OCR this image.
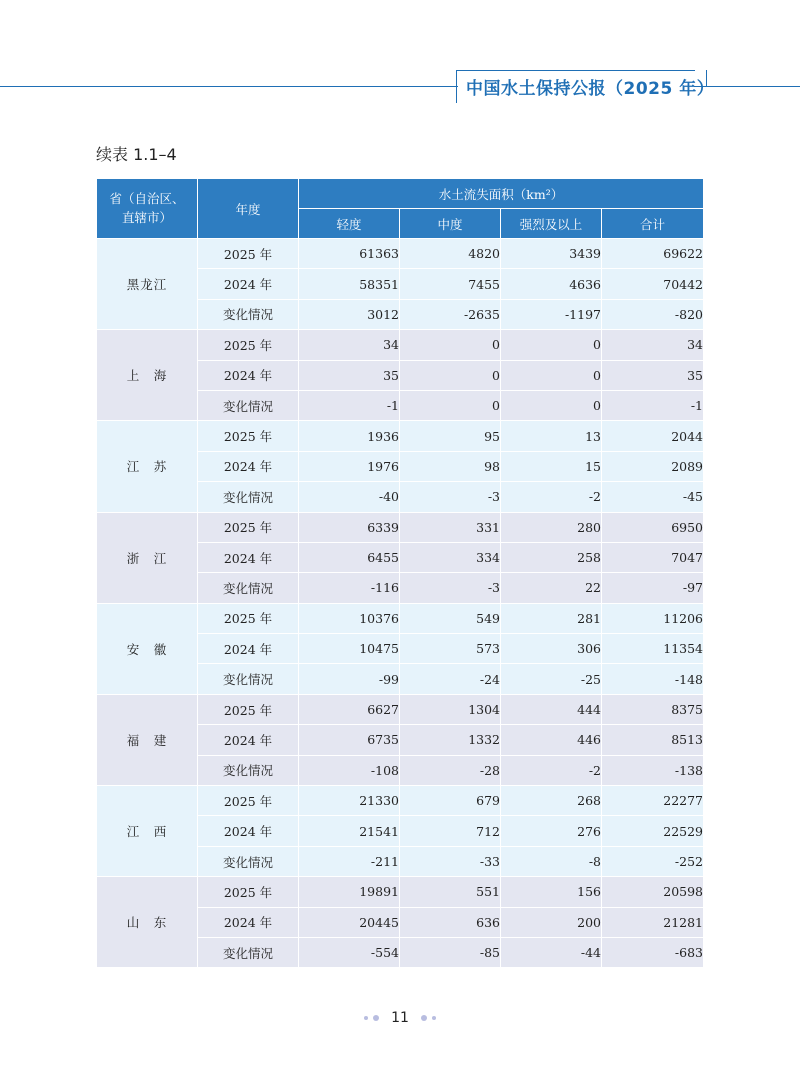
中国水土保持公报（2025 年）
续表 1.1–4
省（自治区、直辖市）	年度	水土流失面积（km²）			
		轻度	中度	强烈及以上	合计
黑龙江	2025 年	61363	4820	3439	69622
	2024 年	58351	7455	4636	70442
	变化情况	3012	-2635	-1197	-820
上　海	2025 年	34	0	0	34
	2024 年	35	0	0	35
	变化情况	-1	0	0	-1
江　苏	2025 年	1936	95	13	2044
	2024 年	1976	98	15	2089
	变化情况	-40	-3	-2	-45
浙　江	2025 年	6339	331	280	6950
	2024 年	6455	334	258	7047
	变化情况	-116	-3	22	-97
安　徽	2025 年	10376	549	281	11206
	2024 年	10475	573	306	11354
	变化情况	-99	-24	-25	-148
福　建	2025 年	6627	1304	444	8375
	2024 年	6735	1332	446	8513
	变化情况	-108	-28	-2	-138
江　西	2025 年	21330	679	268	22277
	2024 年	21541	712	276	22529
	变化情况	-211	-33	-8	-252
山　东	2025 年	19891	551	156	20598
	2024 年	20445	636	200	21281
	变化情况	-554	-85	-44	-683
11
